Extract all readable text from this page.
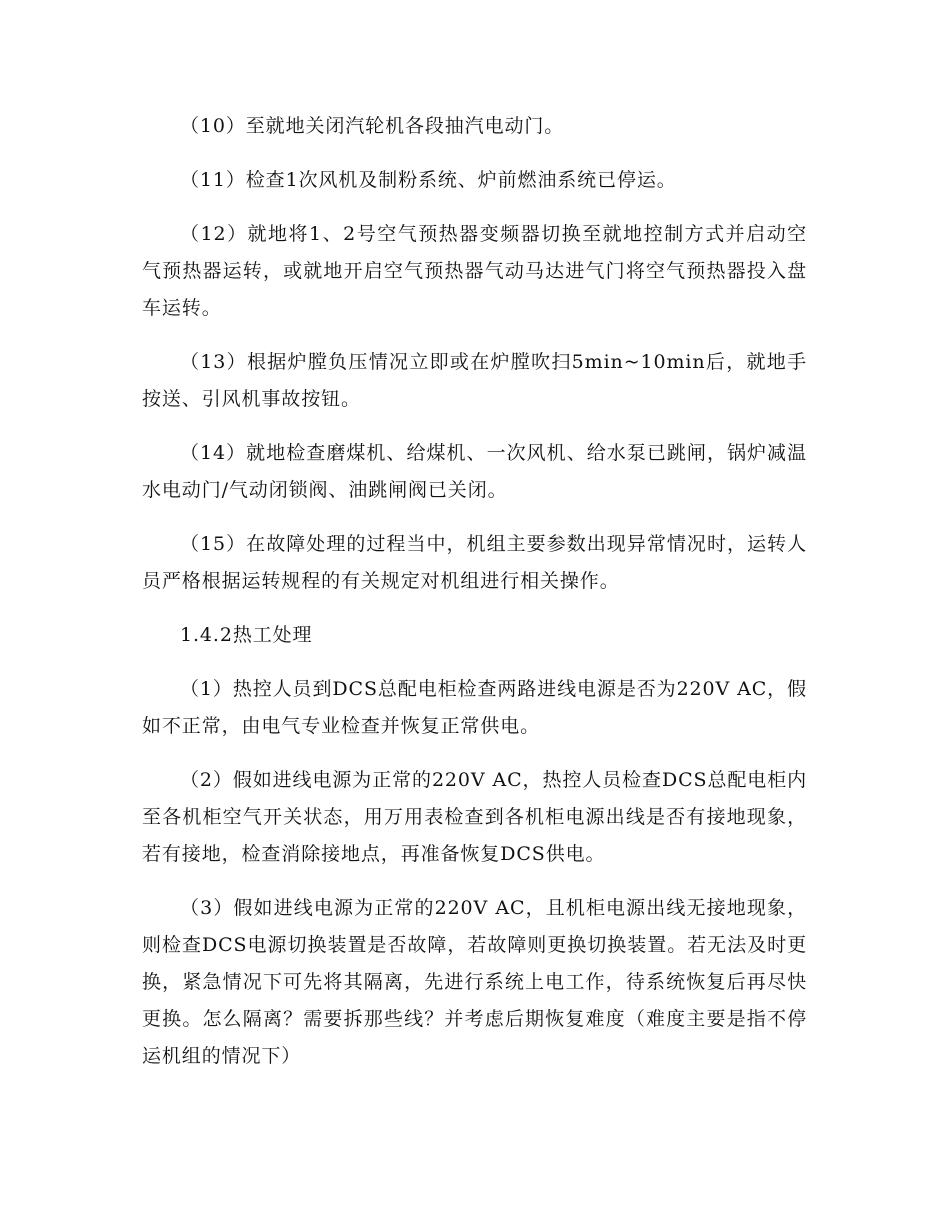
（10）至就地关闭汽轮机各段抽汽电动门。

（11）检查1次风机及制粉系统、炉前燃油系统已停运。

（12）就地将1、2号空气预热器变频器切换至就地控制方式并启动空气预热器运转，或就地开启空气预热器气动马达进气门将空气预热器投入盘车运转。

（13）根据炉膛负压情况立即或在炉膛吹扫5min~10min后，就地手按送、引风机事故按钮。

（14）就地检查磨煤机、给煤机、一次风机、给水泵已跳闸，锅炉减温水电动门/气动闭锁阀、油跳闸阀已关闭。

（15）在故障处理的过程当中，机组主要参数出现异常情况时，运转人员严格根据运转规程的有关规定对机组进行相关操作。

1.4.2热工处理

（1）热控人员到DCS总配电柜检查两路进线电源是否为220V AC，假如不正常，由电气专业检查并恢复正常供电。

（2）假如进线电源为正常的220V AC，热控人员检查DCS总配电柜内至各机柜空气开关状态，用万用表检查到各机柜电源出线是否有接地现象，若有接地，检查消除接地点，再准备恢复DCS供电。

（3）假如进线电源为正常的220V AC，且机柜电源出线无接地现象，则检查DCS电源切换装置是否故障，若故障则更换切换装置。若无法及时更换，紧急情况下可先将其隔离，先进行系统上电工作，待系统恢复后再尽快更换。怎么隔离？需要拆那些线？并考虑后期恢复难度（难度主要是指不停运机组的情况下）
